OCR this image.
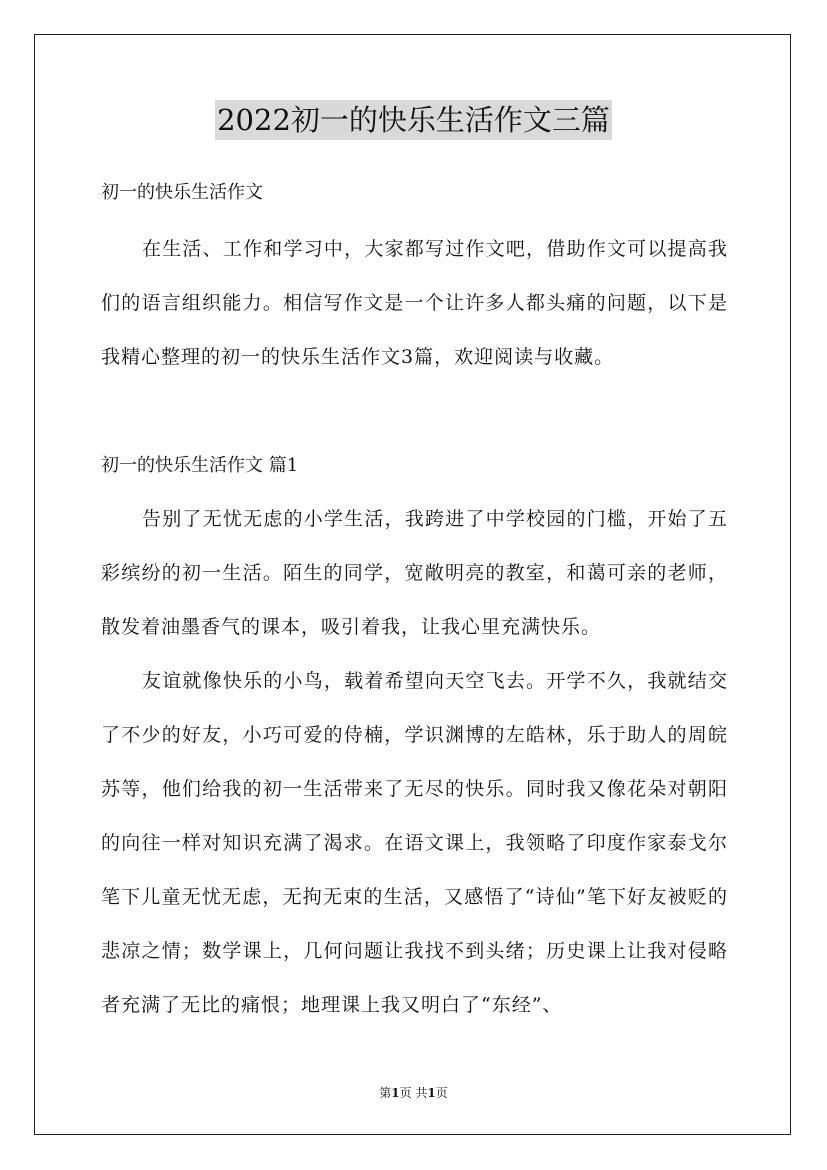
2022初一的快乐生活作文三篇
初一的快乐生活作文
在生活、工作和学习中，大家都写过作文吧，借助作文可以提高我们的语言组织能力。相信写作文是一个让许多人都头痛的问题，以下是我精心整理的初一的快乐生活作文3篇，欢迎阅读与收藏。
初一的快乐生活作文 篇1
告别了无忧无虑的小学生活，我跨进了中学校园的门槛，开始了五彩缤纷的初一生活。陌生的同学，宽敞明亮的教室，和蔼可亲的老师，散发着油墨香气的课本，吸引着我，让我心里充满快乐。
友谊就像快乐的小鸟，载着希望向天空飞去。开学不久，我就结交了不少的好友，小巧可爱的侍楠，学识渊博的左皓林，乐于助人的周皖苏等，他们给我的初一生活带来了无尽的快乐。同时我又像花朵对朝阳的向往一样对知识充满了渴求。在语文课上，我领略了印度作家泰戈尔笔下儿童无忧无虑，无拘无束的生活，又感悟了“诗仙”笔下好友被贬的悲凉之情；数学课上，几何问题让我找不到头绪；历史课上让我对侵略者充满了无比的痛恨；地理课上我又明白了“东经”、
第1页 共1页
